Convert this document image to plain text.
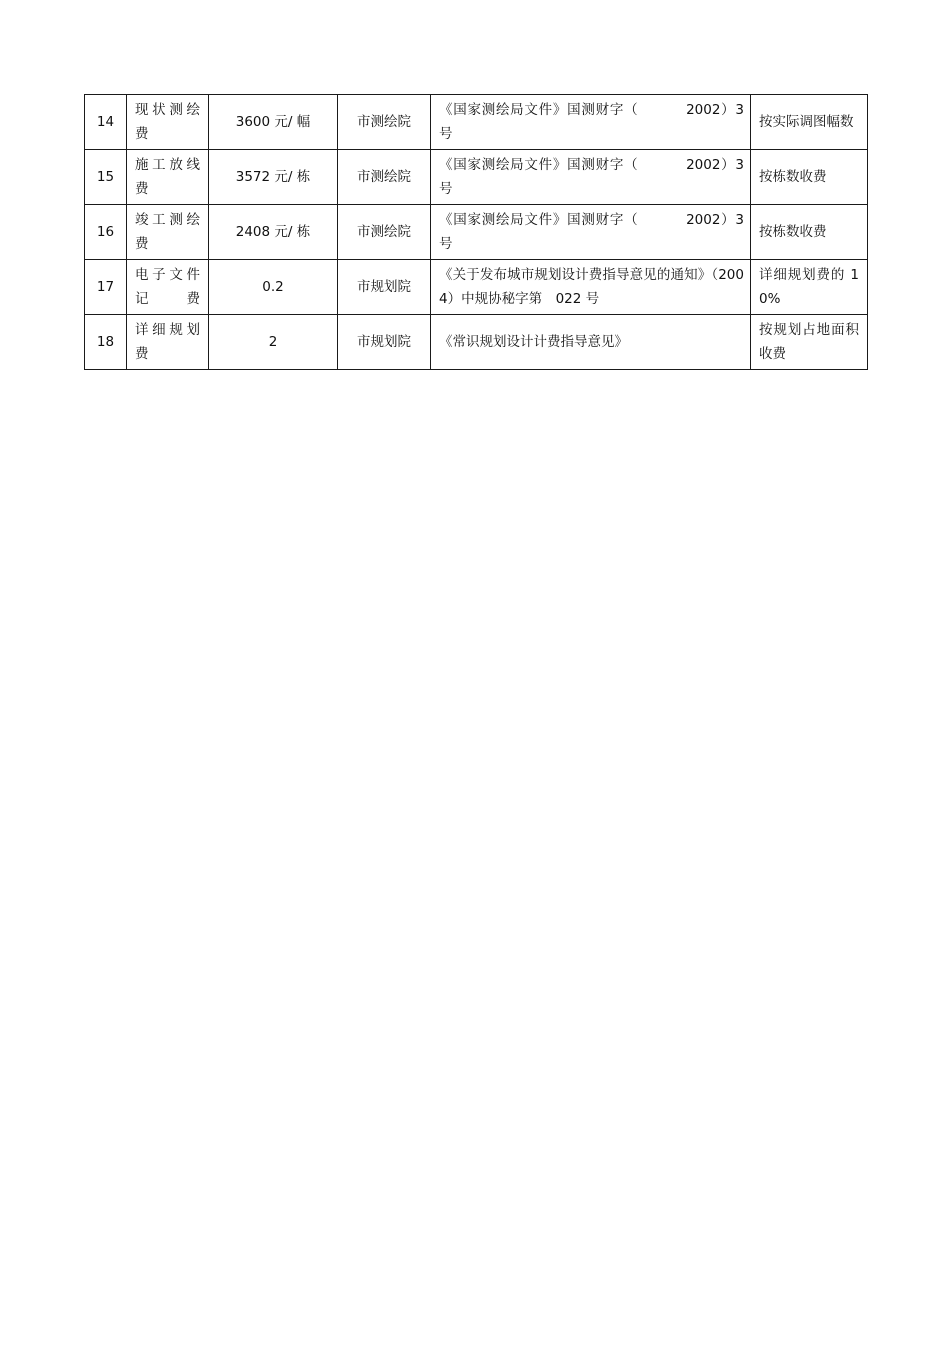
14	现状测绘费	3600 元/ 幅	市测绘院	《国家测绘局文件》国测财字（　　　 2002）3 号	按实际调图幅数

15	施工放线费	3572 元/ 栋	市测绘院	《国家测绘局文件》国测财字（　　　 2002）3 号	按栋数收费

16	竣工测绘费	2408 元/ 栋	市测绘院	《国家测绘局文件》国测财字（　　　 2002）3 号	按栋数收费

17	电子文件记费	0.2	市规划院	《关于发布城市规划设计费指导意见的通知》（2004）中规协秘字第　022 号	详细规划费的 10%

18	详细规划费	2	市规划院	《常识规划设计计费指导意见》	按规划占地面积收费
